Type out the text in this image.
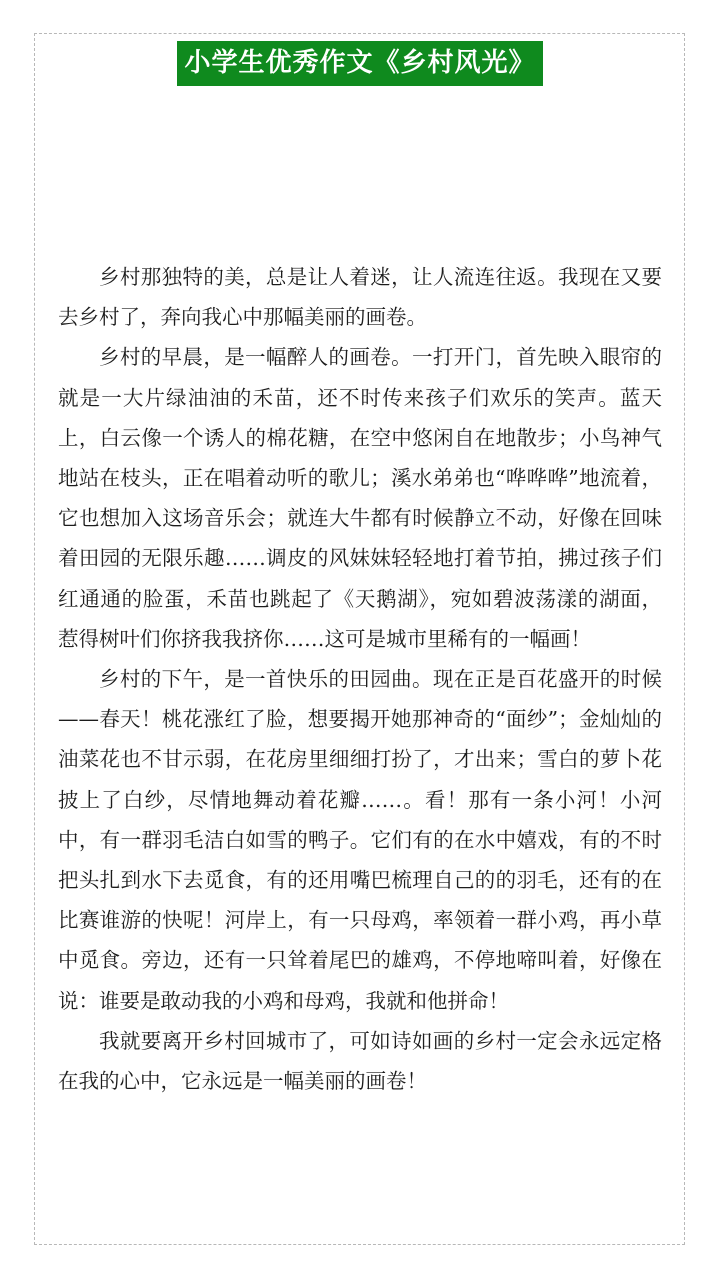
小学生优秀作文《乡村风光》

乡村那独特的美，总是让人着迷，让人流连往返。我现在又要去乡村了，奔向我心中那幅美丽的画卷。

乡村的早晨，是一幅醉人的画卷。一打开门，首先映入眼帘的就是一大片绿油油的禾苗，还不时传来孩子们欢乐的笑声。蓝天上，白云像一个诱人的棉花糖，在空中悠闲自在地散步；小鸟神气地站在枝头，正在唱着动听的歌儿；溪水弟弟也“哗哗哗”地流着，它也想加入这场音乐会；就连大牛都有时候静立不动，好像在回味着田园的无限乐趣……调皮的风妹妹轻轻地打着节拍，拂过孩子们红通通的脸蛋，禾苗也跳起了《天鹅湖》，宛如碧波荡漾的湖面，惹得树叶们你挤我我挤你……这可是城市里稀有的一幅画！

乡村的下午，是一首快乐的田园曲。现在正是百花盛开的时候——春天！桃花涨红了脸，想要揭开她那神奇的“面纱”；金灿灿的油菜花也不甘示弱，在花房里细细打扮了，才出来；雪白的萝卜花披上了白纱，尽情地舞动着花瓣……。看！那有一条小河！小河中，有一群羽毛洁白如雪的鸭子。它们有的在水中嬉戏，有的不时把头扎到水下去觅食，有的还用嘴巴梳理自己的的羽毛，还有的在比赛谁游的快呢！河岸上，有一只母鸡，率领着一群小鸡，再小草中觅食。旁边，还有一只耸着尾巴的雄鸡，不停地啼叫着，好像在说：谁要是敢动我的小鸡和母鸡，我就和他拼命！

我就要离开乡村回城市了，可如诗如画的乡村一定会永远定格在我的心中，它永远是一幅美丽的画卷！
